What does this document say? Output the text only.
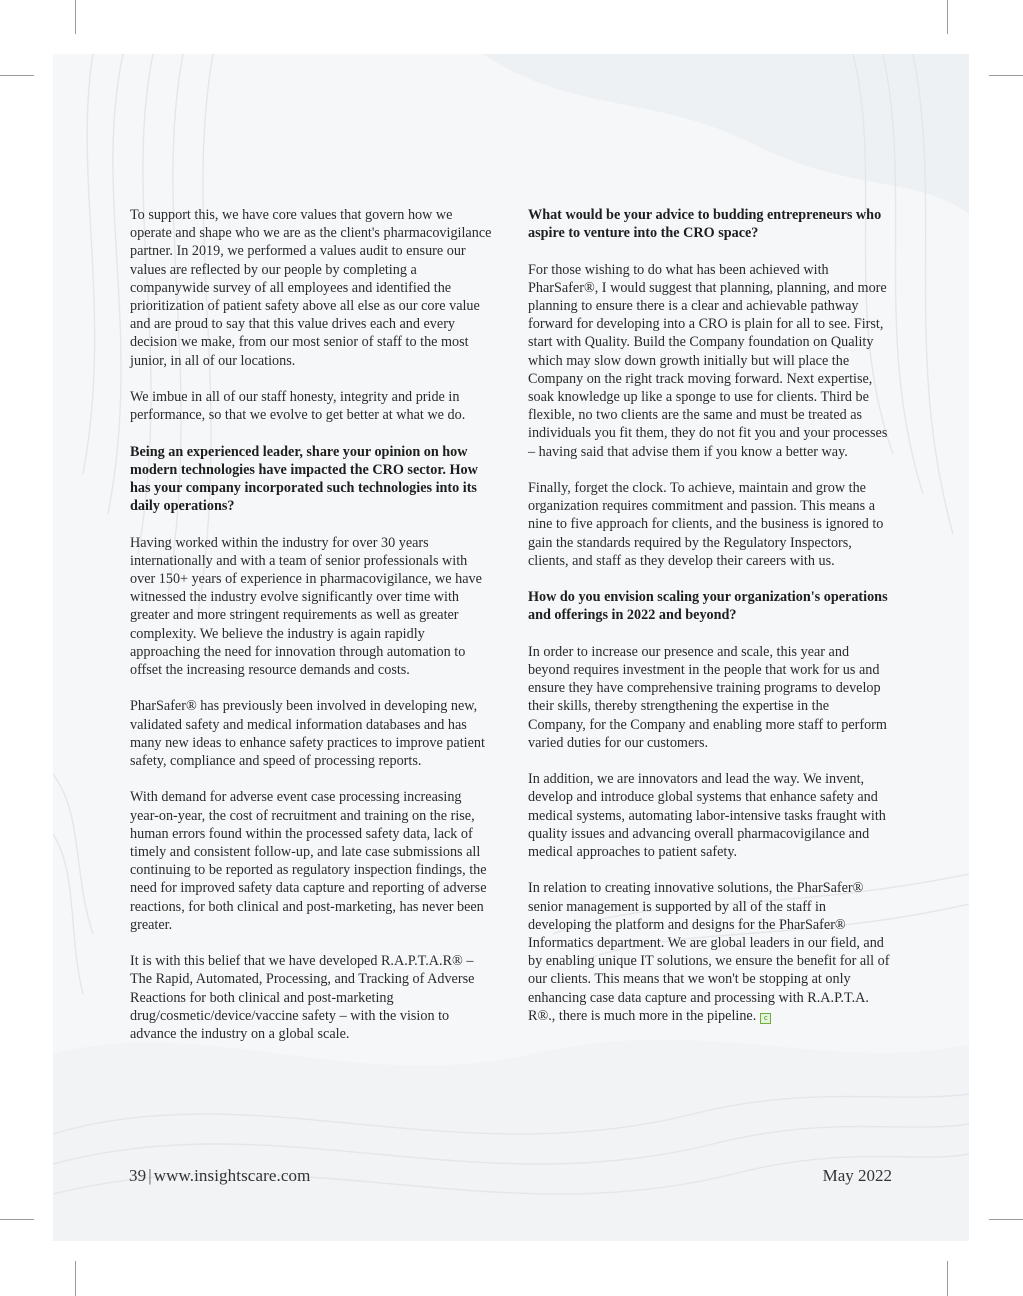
To support this, we have core values that govern how we operate and shape who we are as the client's pharmacovigilance partner. In 2019, we performed a values audit to ensure our values are reflected by our people by completing a companywide survey of all employees and identified the prioritization of patient safety above all else as our core value and are proud to say that this value drives each and every decision we make, from our most senior of staff to the most junior, in all of our locations.

We imbue in all of our staff honesty, integrity and pride in performance, so that we evolve to get better at what we do.

Being an experienced leader, share your opinion on how modern technologies have impacted the CRO sector. How has your company incorporated such technologies into its daily operations?

Having worked within the industry for over 30 years internationally and with a team of senior professionals with over 150+ years of experience in pharmacovigilance, we have witnessed the industry evolve significantly over time with greater and more stringent requirements as well as greater complexity. We believe the industry is again rapidly approaching the need for innovation through automation to offset the increasing resource demands and costs.

PharSafer® has previously been involved in developing new, validated safety and medical information databases and has many new ideas to enhance safety practices to improve patient safety, compliance and speed of processing reports.

With demand for adverse event case processing increasing year-on-year, the cost of recruitment and training on the rise, human errors found within the processed safety data, lack of timely and consistent follow-up, and late case submissions all continuing to be reported as regulatory inspection findings, the need for improved safety data capture and reporting of adverse reactions, for both clinical and post-marketing, has never been greater.

It is with this belief that we have developed R.A.P.T.A.R® – The Rapid, Automated, Processing, and Tracking of Adverse Reactions for both clinical and post-marketing drug/cosmetic/device/vaccine safety – with the vision to advance the industry on a global scale.

What would be your advice to budding entrepreneurs who aspire to venture into the CRO space?

For those wishing to do what has been achieved with PharSafer®, I would suggest that planning, planning, and more planning to ensure there is a clear and achievable pathway forward for developing into a CRO is plain for all to see. First, start with Quality. Build the Company foundation on Quality which may slow down growth initially but will place the Company on the right track moving forward. Next expertise, soak knowledge up like a sponge to use for clients. Third be flexible, no two clients are the same and must be treated as individuals you fit them, they do not fit you and your processes – having said that advise them if you know a better way.

Finally, forget the clock. To achieve, maintain and grow the organization requires commitment and passion. This means a nine to five approach for clients, and the business is ignored to gain the standards required by the Regulatory Inspectors, clients, and staff as they develop their careers with us.

How do you envision scaling your organization's operations and offerings in 2022 and beyond?

In order to increase our presence and scale, this year and beyond requires investment in the people that work for us and ensure they have comprehensive training programs to develop their skills, thereby strengthening the expertise in the Company, for the Company and enabling more staff to perform varied duties for our customers.

In addition, we are innovators and lead the way. We invent, develop and introduce global systems that enhance safety and medical systems, automating labor-intensive tasks fraught with quality issues and advancing overall pharmacovigilance and medical approaches to patient safety.

In relation to creating innovative solutions, the PharSafer® senior management is supported by all of the staff in developing the platform and designs for the PharSafer® Informatics department. We are global leaders in our field, and by enabling unique IT solutions, we ensure the benefit for all of our clients. This means that we won't be stopping at only enhancing case data capture and processing with R.A.P.T.A. R®., there is much more in the pipeline. c

39 | www.insightscare.com	May 2022
